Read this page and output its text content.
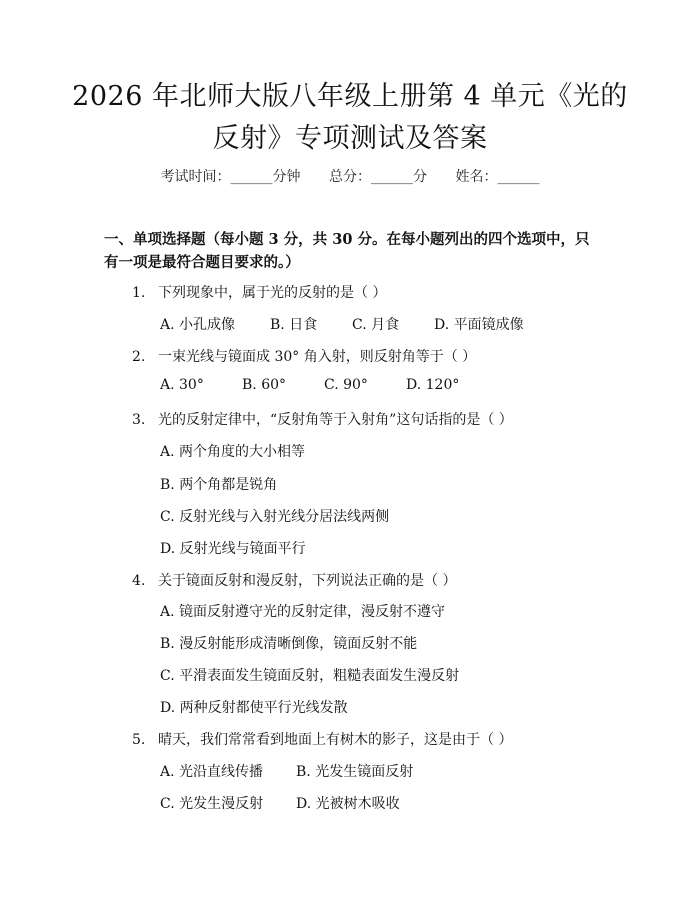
2026 年北师大版八年级上册第 4 单元《光的
反射》专项测试及答案
考试时间：______分钟 总分：______分 姓名：______
一、单项选择题（每小题 3 分，共 30 分。在每小题列出的四个选项中，只有一项是最符合题目要求的。）
1. 下列现象中，属于光的反射的是（ ）
A. 小孔成像 B. 日食 C. 月食 D. 平面镜成像
2. 一束光线与镜面成 30° 角入射，则反射角等于（ ）
A. 30°	B. 60°	C. 90°	D. 120°
3. 光的反射定律中，“反射角等于入射角”这句话指的是（ ）
A. 两个角度的大小相等
B. 两个角都是锐角
C. 反射光线与入射光线分居法线两侧
D. 反射光线与镜面平行
4. 关于镜面反射和漫反射，下列说法正确的是（ ）
A. 镜面反射遵守光的反射定律，漫反射不遵守
B. 漫反射能形成清晰倒像，镜面反射不能
C. 平滑表面发生镜面反射，粗糙表面发生漫反射
D. 两种反射都使平行光线发散
5. 晴天，我们常常看到地面上有树木的影子，这是由于（ ）
A. 光沿直线传播 B. 光发生镜面反射
C. 光发生漫反射 D. 光被树木吸收
